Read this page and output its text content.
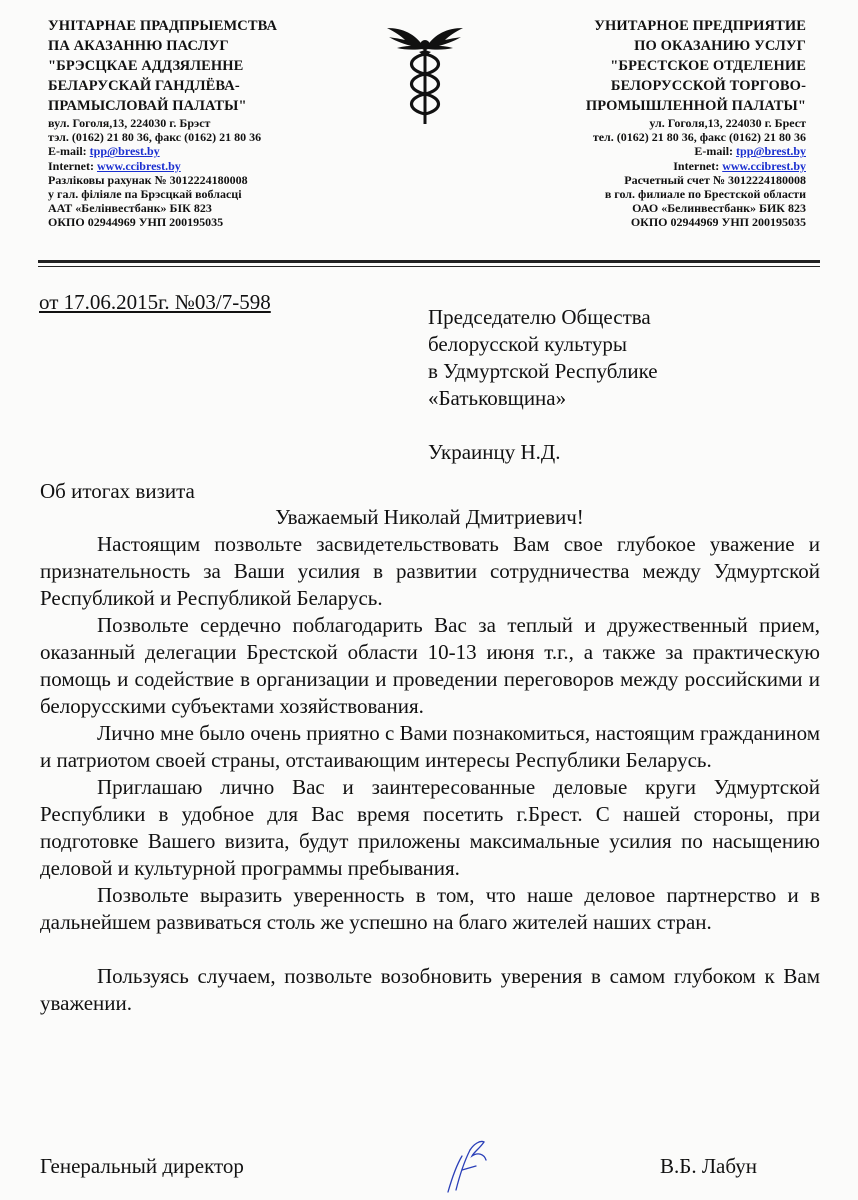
УНІТАРНАЕ ПРАДПРЫЕМСТВА
ПА АКАЗАННЮ ПАСЛУГ
"БРЭСЦКАЕ АДДЗЯЛЕННЕ
БЕЛАРУСКАЙ ГАНДЛЁВА-
ПРАМЫСЛОВАЙ ПАЛАТЫ"
вул. Гоголя,13, 224030 г. Брэст
тэл. (0162) 21 80 36, факс (0162) 21 80 36
E-mail: tpp@brest.by
Internet: www.ccibrest.by
Разліковы рахунак № 3012224180008
у гал. філіяле па Брэсцкай вобласці
ААТ «Белінвестбанк» БІК 823
ОКПО 02944969 УНП 200195035
УНИТАРНОЕ ПРЕДПРИЯТИЕ
ПО ОКАЗАНИЮ УСЛУГ
"БРЕСТСКОЕ ОТДЕЛЕНИЕ
БЕЛОРУССКОЙ ТОРГОВО-
ПРОМЫШЛЕННОЙ ПАЛАТЫ"
ул. Гоголя,13, 224030 г. Брест
тел. (0162) 21 80 36, факс (0162) 21 80 36
E-mail: tpp@brest.by
Internet: www.ccibrest.by
Расчетный счет № 3012224180008
в гол. филиале по Брестской области
ОАО «Белинвестбанк» БИК 823
ОКПО 02944969 УНП 200195035
от 17.06.2015г. №03/7-598
Председателю Общества
белорусской культуры
в Удмуртской Республике
«Батьковщина»
Украинцу Н.Д.
Об итогах визита
Уважаемый Николай Дмитриевич!

Настоящим позвольте засвидетельствовать Вам свое глубокое уважение и признательность за Ваши усилия в развитии сотрудничества между Удмуртской Республикой и Республикой Беларусь.

Позвольте сердечно поблагодарить Вас за теплый и дружественный прием, оказанный делегации Брестской области 10-13 июня т.г., а также за практическую помощь и содействие в организации и проведении переговоров между российскими и белорусскими субъектами хозяйствования.

Лично мне было очень приятно с Вами познакомиться, настоящим гражданином и патриотом своей страны, отстаивающим интересы Республики Беларусь.

Приглашаю лично Вас и заинтересованные деловые круги Удмуртской Республики в удобное для Вас время посетить г.Брест. С нашей стороны, при подготовке Вашего визита, будут приложены максимальные усилия по насыщению деловой и культурной программы пребывания.

Позвольте выразить уверенность в том, что наше деловое партнерство и в дальнейшем развиваться столь же успешно на благо жителей наших стран.

Пользуясь случаем, позвольте возобновить уверения в самом глубоком к Вам уважении.

Генеральный директор	В.Б. Лабун
